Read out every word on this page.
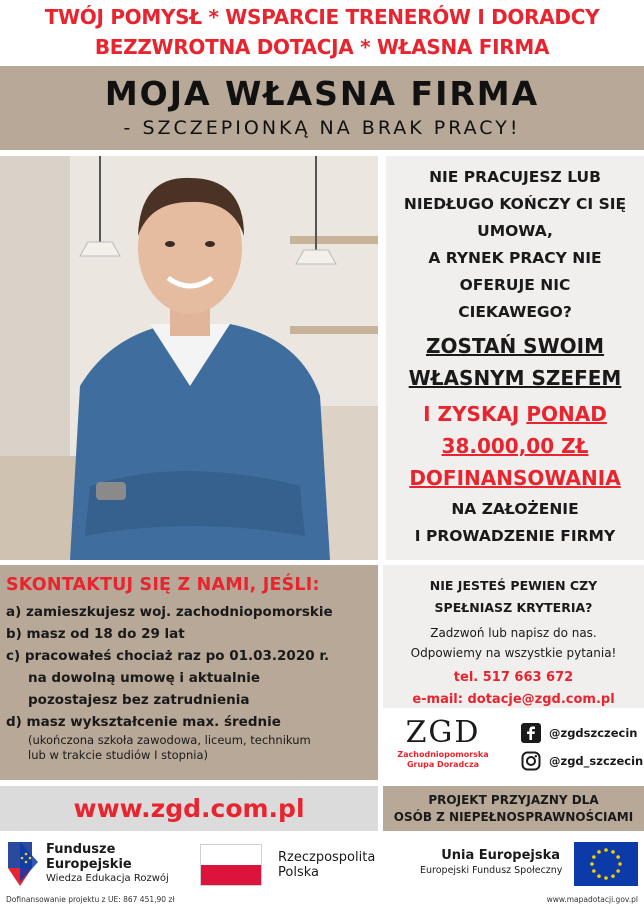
TWÓJ POMYSŁ * WSPARCIE TRENERÓW I DORADCY
BEZZWROTNA DOTACJA * WŁASNA FIRMA
MOJA WŁASNA FIRMA
- SZCZEPIONKĄ NA BRAK PRACY!
NIE PRACUJESZ LUB
NIEDŁUGO KOŃCZY CI SIĘ
UMOWA,
A RYNEK PRACY NIE
OFERUJE NIC
CIEKAWEGO?
ZOSTAŃ SWOIM
WŁASNYM SZEFEM
I ZYSKAJ PONAD
38.000,00 ZŁ
DOFINANSOWANIA
NA ZAŁOŻENIE
I PROWADZENIE FIRMY
SKONTAKTUJ SIĘ Z NAMI, JEŚLI:
a) zamieszkujesz woj. zachodniopomorskie
b) masz od 18 do 29 lat
c) pracowałeś chociaż raz po 01.03.2020 r.
na dowolną umowę i aktualnie
pozostajesz bez zatrudnienia
d) masz wykształcenie max. średnie
(ukończona szkoła zawodowa, liceum, technikum
lub w trakcie studiów I stopnia)
NIE JESTEŚ PEWIEN CZY
SPEŁNIASZ KRYTERIA?
Zadzwoń lub napisz do nas.
Odpowiemy na wszystkie pytania!
tel. 517 663 672
e-mail: dotacje@zgd.com.pl
ZGD
Zachodniopomorska
Grupa Doradcza
@zgdszczecin
@zgd_szczecin
www.zgd.com.pl	PROJEKT PRZYJAZNY DLA
OSÓB Z NIEPEŁNOSPRAWNOŚCIAMI
Fundusze
Europejskie
Wiedza Edukacja Rozwój
Rzeczpospolita
Polska
Unia Europejska
Europejski Fundusz Społeczny
Dofinansowanie projektu z UE: 867 451,90 zł	www.mapadotacji.gov.pl
